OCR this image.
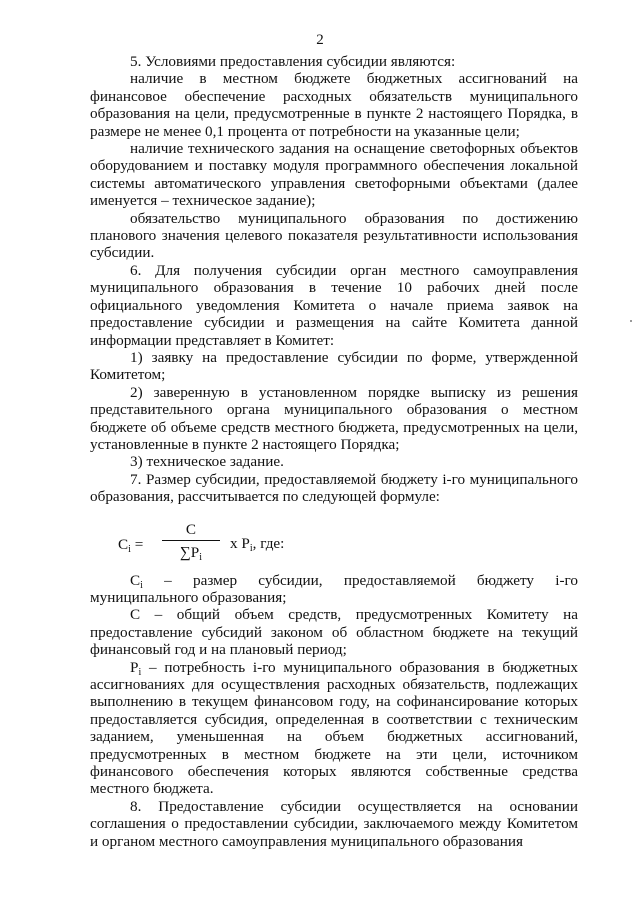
2

5. Условиями предоставления субсидии являются:

наличие в местном бюджете бюджетных ассигнований на финансовое обеспечение расходных обязательств муниципального образования на цели, предусмотренные в пункте 2 настоящего Порядка, в размере не менее 0,1 процента от потребности на указанные цели;

наличие технического задания на оснащение светофорных объектов оборудованием и поставку модуля программного обеспечения локальной системы автоматического управления светофорными объектами (далее именуется – техническое задание);

обязательство муниципального образования по достижению планового значения целевого показателя результативности использования субсидии.

6. Для получения субсидии орган местного самоуправления муниципального образования в течение 10 рабочих дней после официального уведомления Комитета о начале приема заявок на предоставление субсидии и размещения на сайте Комитета данной информации представляет в Комитет:

1) заявку на предоставление субсидии по форме, утвержденной Комитетом;

2) заверенную в установленном порядке выписку из решения представительного органа муниципального образования о местном бюджете об объеме средств местного бюджета, предусмотренных на цели, установленные в пункте 2 настоящего Порядка;

3) техническое задание.

7. Размер субсидии, предоставляемой бюджету i-го муниципального образования, рассчитывается по следующей формуле:

$C_i$ =
C
$\sum P_i$
x $P_i$, где:

$C_i$ – размер субсидии, предоставляемой бюджету i-го муниципального образования;

С – общий объем средств, предусмотренных Комитету на предоставление субсидий законом об областном бюджете на текущий финансовый год и на плановый период;

$P_i$ – потребность i-го муниципального образования в бюджетных ассигнованиях для осуществления расходных обязательств, подлежащих выполнению в текущем финансовом году, на софинансирование которых предоставляется субсидия, определенная в соответствии с техническим заданием, уменьшенная на объем бюджетных ассигнований, предусмотренных в местном бюджете на эти цели, источником финансового обеспечения которых являются собственные средства местного бюджета.

8. Предоставление субсидии осуществляется на основании соглашения о предоставлении субсидии, заключаемого между Комитетом и органом местного самоуправления муниципального образования
